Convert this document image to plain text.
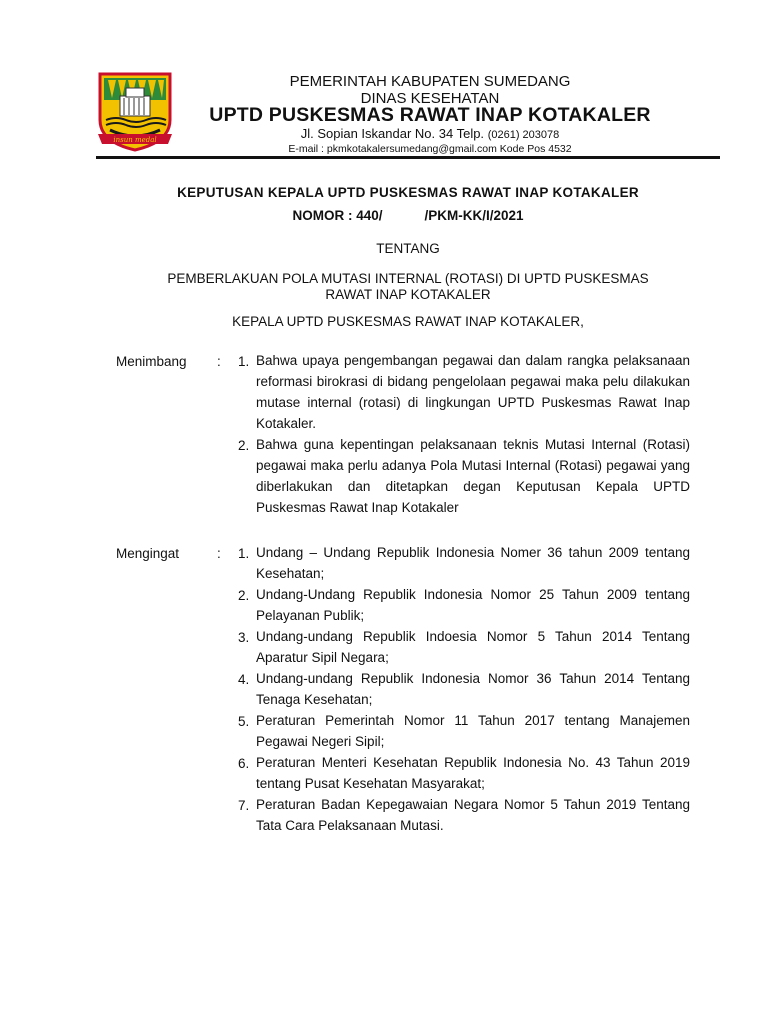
insun medal
PEMERINTAH KABUPATEN SUMEDANG
DINAS KESEHATAN
UPTD PUSKESMAS RAWAT INAP KOTAKALER
Jl. Sopian Iskandar No. 34 Telp. (0261) 203078
E-mail : pkmkotakalersumedang@gmail.com Kode Pos 4532
KEPUTUSAN KEPALA UPTD PUSKESMAS RAWAT INAP KOTAKALER
NOMOR : 440/	/PKM-KK/I/2021
TENTANG
PEMBERLAKUAN POLA MUTASI INTERNAL (ROTASI) DI UPTD PUSKESMAS
RAWAT INAP KOTAKALER
KEPALA UPTD PUSKESMAS RAWAT INAP KOTAKALER,
Menimbang : 1. Bahwa upaya pengembangan pegawai dan dalam rangka pelaksanaan reformasi birokrasi di bidang pengelolaan pegawai maka pelu dilakukan mutase internal (rotasi) di lingkungan UPTD Puskesmas Rawat Inap Kotakaler.
2. Bahwa guna kepentingan pelaksanaan teknis Mutasi Internal (Rotasi) pegawai maka perlu adanya Pola Mutasi Internal (Rotasi) pegawai yang diberlakukan dan ditetapkan degan Keputusan Kepala UPTD Puskesmas Rawat Inap Kotakaler
Mengingat	: 1. Undang – Undang Republik Indonesia Nomer 36 tahun 2009 tentang Kesehatan;
2. Undang-Undang Republik Indonesia Nomor 25 Tahun 2009 tentang Pelayanan Publik;
3. Undang-undang Republik Indoesia Nomor 5 Tahun 2014 Tentang Aparatur Sipil Negara;
4. Undang-undang Republik Indonesia Nomor 36 Tahun 2014 Tentang Tenaga Kesehatan;
5. Peraturan Pemerintah Nomor 11 Tahun 2017 tentang Manajemen Pegawai Negeri Sipil;
6. Peraturan Menteri Kesehatan Republik Indonesia No. 43 Tahun 2019 tentang Pusat Kesehatan Masyarakat;
7. Peraturan Badan Kepegawaian Negara Nomor 5 Tahun 2019 Tentang Tata Cara Pelaksanaan Mutasi.
